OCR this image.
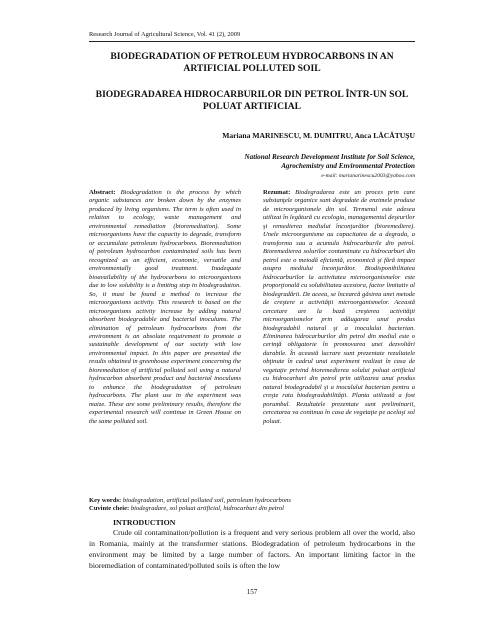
Research Journal of Agricultural Science, Vol. 41 (2), 2009
BIODEGRADATION OF PETROLEUM HYDROCARBONS IN AN ARTIFICIAL POLLUTED SOIL
BIODEGRADAREA HIDROCARBURILOR DIN PETROL ÎNTR-UN SOL POLUAT ARTIFICIAL
Mariana MARINESCU, M. DUMITRU, Anca LĂCĂTUŞU
National Research Development Institute for Soil Science, Agrochemistry and Environmental Protection
e-mail: marianarinescu2003@yahoo.com
Abstract: Biodegradation is the process by which organic substances are broken down by the enzymes produced by living organisms. The term is often used in relation to ecology, waste management and environmental remediation (bioremediation). Some microorganisms have the capacity to degrade, transform or accumulate petroleum hydrocarbons. Bioremediation of petroleum hydrocarbon contaminated soils has been recognized as an efficient, economic, versatile and environmentally good treatment. Inadequate bioavailability of the hydrocarbons to microorganisms due to low solubility is a limiting step in biodegradation. So, it must be found a method to increase the microorganisms activity. This research is based on the microorganisms activity increase by adding natural absorbent biodegradable and bacterial inoculums. The elimination of petroleum hydrocarbons from the environment is an absolute requirement to promote a sustainable development of our society with low environmental impact. In this paper are presented the results obtained in greenhouse experiment concerning the bioremediation of artificial polluted soil using a natural hydrocarbon absorbent product and bacterial inoculums to enhance the biodegradation of petroleum hydrocarbons. The plant use in the experiment was maize. These are some preliminary results, therefore the experimental research will continue in Green House on the same polluted soil.
Rezumat: Biodegradarea este un proces prin care substanţele organice sunt degradate de enzimele produse de microorganismele din sol. Termenul este adesea utilizat în legătură cu ecologia, managementul deşeurilor şi remedierea mediului înconjurător (bioremediere). Unele microorganisme au capacitatea de a degrada, a transforma sau a acumula hidrocarburile din petrol. Bioremedierea solurilor contaminate cu hidrocarburi din petrol este o metodă eficientă, economică şi fără impact asupra mediului înconjurător. Biodisponibilitatea hidrocarburilor la activitatea microorganismelor este proporţională cu solubilitatea acestora, factor limitativ al biodegradării. De aceea, se încearcă găsirea unei metode de creştere a activităţii microorganismelor. Această cercetare are la bază creşterea activităţii microorganismelor prin adăugarea unui produs biodegradabil natural şi a inoculului bacterian. Eliminarea hidrocarburilor din petrol din mediul este o cerinţă obligatorie în promovarea unei dezvoltări durabile. În această lucrare sunt prezentate rezultatele obţinute în cadrul unui experiment realizat în casa de vegetaţie privind bioremedierea solului poluat artificial cu hidrocarburi din petrol prin utilizarea unui produs natural biodegradabil şi a inoculului bacterian pentru a creşte rata biodegradabilităţii. Planta utilizată a fost porumbul. Rezultatele prezentate sunt preliminarii, cercetarea va continua în casa de vegetaţie pe acelaşi sol poluat.
Key words: biodegradation, artificial polluted soil, petroleum hydrocarbons
Cuvinte cheie: biodegradare, sol poluat artificial, hidrocarburi din petrol
INTRODUCTION
Crude oil contamination/pollution is a frequent and very serious problem all over the world, also in Romania, mainly at the transformer stations. Biodegradation of petroleum hydrocarbons in the environment may be limited by a large number of factors. An important limiting factor in the bioremediation of contaminated/polluted soils is often the low
157
